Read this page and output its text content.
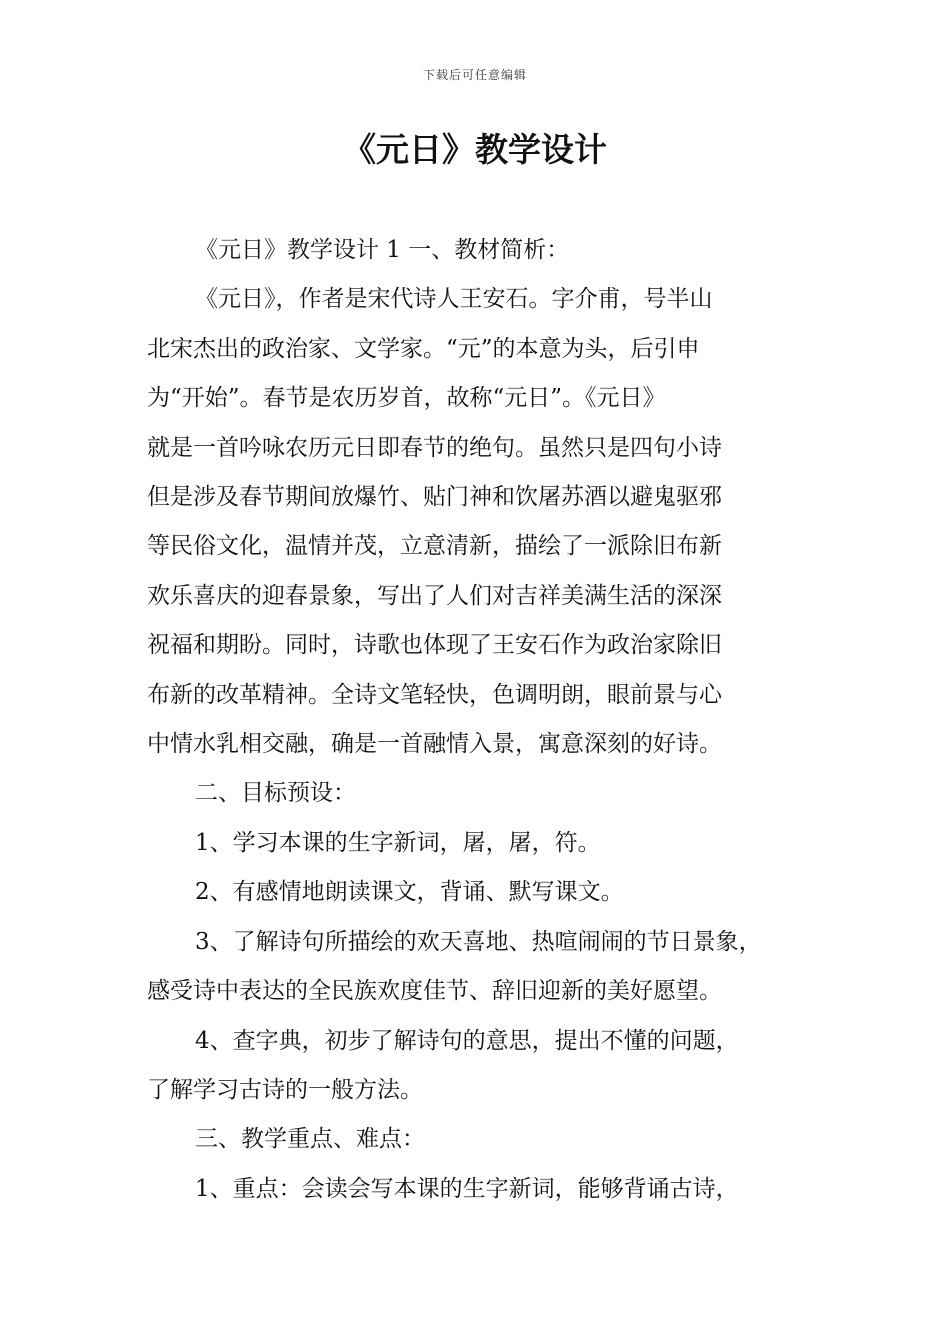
下载后可任意编辑
《元日》教学设计
《元日》教学设计 1 一、教材简析：
《元日》，作者是宋代诗人王安石。字介甫，号半山
北宋杰出的政治家、文学家。“元”的本意为头，后引申
为“开始”。春节是农历岁首，故称“元日”。《元日》
就是一首吟咏农历元日即春节的绝句。虽然只是四句小诗
但是涉及春节期间放爆竹、贴门神和饮屠苏酒以避鬼驱邪
等民俗文化，温情并茂，立意清新，描绘了一派除旧布新
欢乐喜庆的迎春景象，写出了人们对吉祥美满生活的深深
祝福和期盼。同时，诗歌也体现了王安石作为政治家除旧
布新的改革精神。全诗文笔轻快，色调明朗，眼前景与心
中情水乳相交融，确是一首融情入景，寓意深刻的好诗。
二、目标预设：
1、学习本课的生字新词，屠，屠，符。
2、有感情地朗读课文，背诵、默写课文。
3、了解诗句所描绘的欢天喜地、热喧闹闹的节日景象，
感受诗中表达的全民族欢度佳节、辞旧迎新的美好愿望。
4、查字典，初步了解诗句的意思，提出不懂的问题，
了解学习古诗的一般方法。
三、教学重点、难点：
1、重点：会读会写本课的生字新词，能够背诵古诗，
